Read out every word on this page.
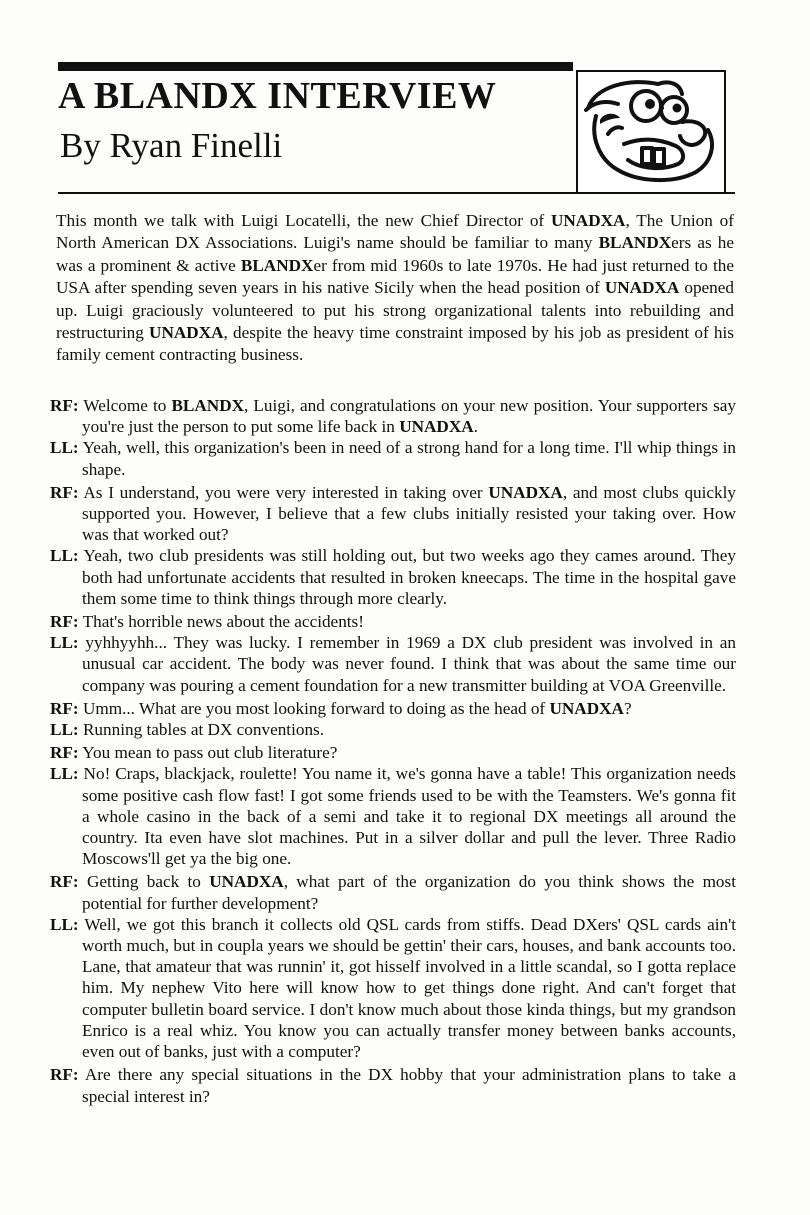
A BLANDX INTERVIEW
By Ryan Finelli

This month we talk with Luigi Locatelli, the new Chief Director of UNADXA, The Union of North American DX Associations. Luigi's name should be familiar to many BLANDXers as he was a prominent & active BLANDXer from mid 1960s to late 1970s. He had just returned to the USA after spending seven years in his native Sicily when the head position of UNADXA opened up. Luigi graciously volunteered to put his strong organizational talents into rebuilding and restructuring UNADXA, despite the heavy time constraint imposed by his job as president of his family cement contracting business.

RF: Welcome to BLANDX, Luigi, and congratulations on your new position. Your supporters say you're just the person to put some life back in UNADXA.
LL: Yeah, well, this organization's been in need of a strong hand for a long time. I'll whip things in shape.
RF: As I understand, you were very interested in taking over UNADXA, and most clubs quickly supported you. However, I believe that a few clubs initially resisted your taking over. How was that worked out?
LL: Yeah, two club presidents was still holding out, but two weeks ago they cames around. They both had unfortunate accidents that resulted in broken kneecaps. The time in the hospital gave them some time to think things through more clearly.
RF: That's horrible news about the accidents!
LL: yyhhyyhh... They was lucky. I remember in 1969 a DX club president was involved in an unusual car accident. The body was never found. I think that was about the same time our company was pouring a cement foundation for a new transmitter building at VOA Greenville.
RF: Umm... What are you most looking forward to doing as the head of UNADXA?
LL: Running tables at DX conventions.
RF: You mean to pass out club literature?
LL: No! Craps, blackjack, roulette! You name it, we's gonna have a table! This organization needs some positive cash flow fast! I got some friends used to be with the Teamsters. We's gonna fit a whole casino in the back of a semi and take it to regional DX meetings all around the country. Ita even have slot machines. Put in a silver dollar and pull the lever. Three Radio Moscows'll get ya the big one.
RF: Getting back to UNADXA, what part of the organization do you think shows the most potential for further development?
LL: Well, we got this branch it collects old QSL cards from stiffs. Dead DXers' QSL cards ain't worth much, but in coupla years we should be gettin' their cars, houses, and bank accounts too. Lane, that amateur that was runnin' it, got hisself involved in a little scandal, so I gotta replace him. My nephew Vito here will know how to get things done right. And can't forget that computer bulletin board service. I don't know much about those kinda things, but my grandson Enrico is a real whiz. You know you can actually transfer money between banks accounts, even out of banks, just with a computer?
RF: Are there any special situations in the DX hobby that your administration plans to take a special interest in?
